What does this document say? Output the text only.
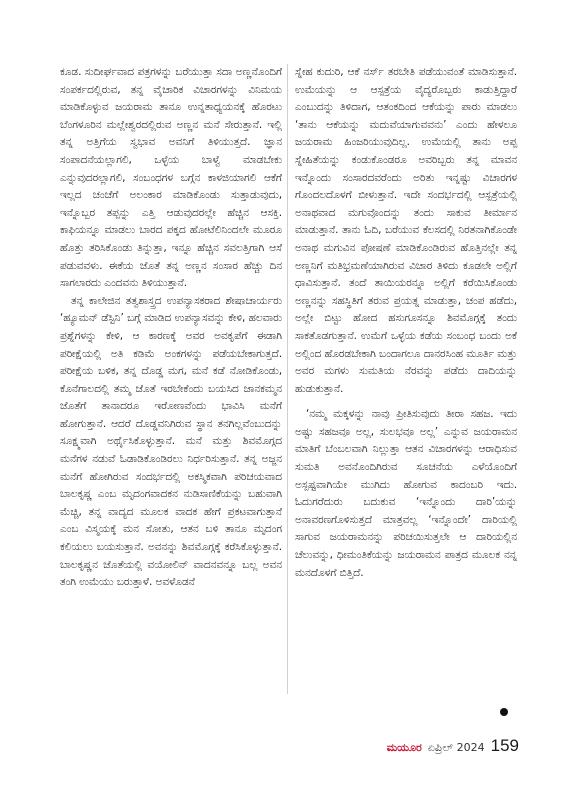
ಕೂಡ. ಸುದೀರ್ಘವಾದ ಪತ್ರಗಳನ್ನು ಬರೆಯುತ್ತಾ ಸದಾ ಅಣ್ಣನೊಂದಿಗೆ ಸಂಪರ್ಕದಲ್ಲಿರುವ, ತನ್ನ ವೈಚಾರಿಕ ವಿಚಾರಗಳನ್ನು ವಿನಿಮಯ ಮಾಡಿಕೊಳ್ಳುವ ಜಯರಾಮ ತಾನೂ ಉನ್ನತಾಧ್ಯಯನಕ್ಕೆ ಹೊರಟು ಬೆಂಗಳೂರಿನ ಮಲ್ಲೇಶ್ವರದಲ್ಲಿರುವ ಅಣ್ಣನ ಮನೆ ಸೇರುತ್ತಾನೆ. ಇಲ್ಲಿ ತನ್ನ ಅತ್ತಿಗೆಯ ಸ್ವಭಾವ ಅವನಿಗೆ ತಿಳಿಯುತ್ತದೆ. ಜ್ಞಾನ ಸಂಪಾದನೆಯಲ್ಲಾಗಲಿ, ಒಳ್ಳೆಯ ಬಾಳ್ವೆ ಮಾಡಬೇಕು ಎನ್ನುವುದರಲ್ಲಾಗಲಿ, ಸಂಬಂಧಗಳ ಬಗ್ಗೆನ ಕಾಳಜಿಯಾಗಲಿ ಆಕೆಗೆ ಇಲ್ಲದ ಚಂಚೆಗೆ ಅಲಂಕಾರ ಮಾಡಿಕೊಂಡು ಸುತ್ತಾಡುವುದು, ಇನ್ನೊಬ್ಬರ ತಪ್ಪನ್ನು ಎತ್ತಿ ಆಡುವುದರಲ್ಲೇ ಹೆಚ್ಚಿನ ಆಸಕ್ತಿ. ಕಾಫಿಯನ್ನೂ ಮಾಡಲು ಬಾರದ ಪಕ್ಕದ ಹೋಟೆಲಿನಿಂದಲೇ ಮೂರೂ ಹೊತ್ತು ತರಿಸಿಕೊಂಡು ತಿನ್ನುತ್ತಾ, ಇನ್ನೂ ಹೆಚ್ಚಿನ ಸವಲತ್ತಿಗಾಗಿ ಆಸೆ ಪಡುವವಳು. ಈಕೆಯ ಜೊತೆ ತನ್ನ ಅಣ್ಣನ ಸಂಸಾರ ಹೆಚ್ಚು ದಿನ ಸಾಗಲಾರದು ಎಂದವನು ತಿಳಿಯುತ್ತಾನೆ.

ತನ್ನ ಕಾಲೇಜಿನ ತತ್ವಶಾಸ್ತ್ರದ ಉಪನ್ಯಾಸಕರಾದ ಶೇಷಾಚಾರ್ಯರು ‘ಹ್ಯೂಮನ್ ಡೆಸ್ಟಿನಿ’ ಬಗ್ಗೆ ಮಾಡಿದ ಉಪನ್ಯಾಸವನ್ನು ಕೇಳಿ, ಹಲವಾರು ಪ್ರಶ್ನೆಗಳನ್ನು ಕೇಳಿ, ಆ ಕಾರಣಕ್ಕೆ ಅವರ ಅವಕೃಪೆಗೆ ಈಡಾಗಿ ಪರೀಕ್ಷೆಯಲ್ಲಿ ಅತಿ ಕಡಿಮೆ ಅಂಕಗಳನ್ನು ಪಡೆಯಬೇಕಾಗುತ್ತದೆ. ಪರೀಕ್ಷೆಯ ಬಳಿಕ, ತನ್ನ ದೊಡ್ಡ ಮಗ, ಮನೆ ಕಡೆ ನೋಡಿಕೊಂಡು, ಕೊನೆಗಾಲದಲ್ಲಿ ತಮ್ಮ ಜೊತೆ ಇರಬೇಕೆಂದು ಬಯಸಿದ ಜಾನಕಮ್ಮನ ಜೊತೆಗೆ ತಾನಾದರೂ ಇರೋಣವೆಂದು ಭಾವಿಸಿ ಮನೆಗೆ ಹೋಗುತ್ತಾನೆ. ಆದರೆ ದೊಡ್ಡವನಿಗಿರುವ ಸ್ಥಾನ ತನಗಿಲ್ಲವೆಂಬುದನ್ನು ಸೂಕ್ಷ್ಮವಾಗಿ ಅರ್ಥೈಸಿಕೊಳ್ಳುತ್ತಾನೆ. ಮನೆ ಮತ್ತು ಶಿವಮೊಗ್ಗದ ಮನೆಗಳ ನಡುವೆ ಓಡಾಡಿಕೊಂಡಿರಲು ನಿರ್ಧರಿಸುತ್ತಾನೆ. ತನ್ನ ಅಜ್ಜನ ಮನೆಗೆ ಹೋಗಿರುವ ಸಂದರ್ಭದಲ್ಲಿ ಅಕಸ್ಮಿಕವಾಗಿ ಪರಿಚಯವಾದ ಬಾಲಕೃಷ್ಣ ಎಂಬ ಮೃದಂಗವಾದಕನ ನುಡಿಸಾಣಿಕೆಯನ್ನು ಬಹುವಾಗಿ ಮೆಚ್ಚಿ, ತನ್ನ ವಾದ್ಯದ ಮೂಲಕ ವಾದಕ ಹೇಗೆ ಪ್ರಕಟವಾಗುತ್ತಾನೆ ಎಂಬ ವಿಸ್ಮಯಕ್ಕೆ ಮನ ಸೋತು, ಆತನ ಬಳಿ ತಾನೂ ಮೃದಂಗ ಕಲಿಯಲು ಬಯಸುತ್ತಾನೆ. ಅವನನ್ನು ಶಿವಮೊಗ್ಗಕ್ಕೆ ಕರೆಸಿಕೊಳ್ಳುತ್ತಾನೆ. ಬಾಲಕೃಷ್ಣನ ಜೊತೆಯಲ್ಲಿ ವಯೋಲಿನ್ ವಾದನವನ್ನೂ ಬಲ್ಲ ಅವನ ತಂಗಿ ಉಮೆಯು ಬರುತ್ತಾಳೆ. ಅವಳೊಡನೆ

ಸ್ನೇಹ ಕುದುರಿ, ಆಕೆ ನರ್ಸ್ ತರಬೇತಿ ಪಡೆಯುವಂತೆ ಮಾಡಿಸುತ್ತಾನೆ. ಉಮೆಯನ್ನು ಆ ಆಸ್ಪತ್ರೆಯ ವೈದ್ಯರೊಬ್ಬರು ಕಾಡುತ್ತಿದ್ದಾರೆ ಎಂಬುದನ್ನು ತಿಳಿದಾಗ, ಆತಂಕದಿಂದ ಆಕೆಯನ್ನು ಪಾರು ಮಾಡಲು ‘ತಾನು ಆಕೆಯನ್ನು ಮದುವೆಯಾಗುವವನು’ ಎಂದು ಹೇಳಲೂ ಜಯರಾಮ ಹಿಂಜರಿಯುವುದಿಲ್ಲ. ಉಮೆಯಲ್ಲಿ ತಾನು ಅಪ್ಪ ಸ್ನೇಹಿತೆಯನ್ನು ಕಂಡುಕೊಂಡರೂ ಅವರಿಬ್ಬರು ತನ್ನ ಮಾವನ ಇನ್ನೊಂದು ಸಂಸಾರದವರೆಂದು ಅರಿತು ಇನ್ನಷ್ಟು ವಿಚಾರಗಳ ಗೊಂದಲದೊಳಗೆ ಬೀಳುತ್ತಾನೆ. ಇದೇ ಸಂದರ್ಭದಲ್ಲಿ ಆಸ್ಪತ್ರೆಯಲ್ಲಿ ಅನಾಥವಾದ ಮಗುವೊಂದನ್ನು ತಂದು ಸಾಕುವ ತೀರ್ಮಾನ ಮಾಡುತ್ತಾನೆ. ತಾನು ಓದಿ, ಬರೆಯುವ ಕೆಲಸದಲ್ಲಿ ನಿರತನಾಗಿಕೊಂಡೇ ಅನಾಥ ಮಗುವಿನ ಪೋಷಣೆ ಮಾಡಿಕೊಂಡಿರುವ ಹೊತ್ತಿನಲ್ಲೇ ತನ್ನ ಅಣ್ಣನಿಗೆ ಮತಿಭ್ರಮಣೆಯಾಗಿರುವ ವಿಚಾರ ತಿಳಿದು ಕೂಡಲೇ ಅಲ್ಲಿಗೆ ಧಾವಿಸುತ್ತಾನೆ. ತಂದೆ ತಾಯಿಯರನ್ನೂ ಅಲ್ಲಿಗೆ ಕರೆಯಿಸಿಕೊಂಡು ಅಣ್ಣನನ್ನು ಸಹಸ್ಥಿತಿಗೆ ತರುವ ಪ್ರಯತ್ನ ಮಾಡುತ್ತಾ, ಚಂಪ ಹಡೆದು, ಅಲ್ಲೇ ಬಿಟ್ಟು ಹೋದ ಹಸುಗೂಸನ್ನೂ ಶಿವಮೊಗ್ಗಕ್ಕೆ ತಂದು ಸಾಕತೊಡಗುತ್ತಾನೆ. ಉಮೆಗೆ ಒಳ್ಳೆಯ ಕಡೆಯ ಸಂಬಂಧ ಬಂದು ಅಕೆ ಅಲ್ಲಿಂದ ಹೊರಡಬೇಕಾಗಿ ಬಂದಾಗಲೂ ದಾನರಸಿಂಹ ಮೂರ್ತಿ ಮತ್ತು ಅವರ ಮಗಳು ಸುಮತಿಯ ನೆರವನ್ನು ಪಡೆದು ದಾದಿಯನ್ನು ಹುಡುಕುತ್ತಾನೆ.

‘ನಮ್ಮ ಮಕ್ಕಳನ್ನು ನಾವು ಪ್ರೀತಿಸುವುದು ತೀರಾ ಸಹಜ. ಇದು ಅಷ್ಟು ಸಹಜವೂ ಅಲ್ಲ, ಸುಲಭವೂ ಅಲ್ಲ’ ಎನ್ನುವ ಜಯರಾಮನ ಮಾತಿಗೆ ಬೆಂಬಲವಾಗಿ ನಿಲ್ಲುತ್ತಾ ಆತನ ವಿಚಾರಗಳನ್ನು ಆರಾಧಿಸುವ ಸುಮತಿ ಅವನೊಂದಿಗಿರುವ ಸೂಚನೆಯ ಎಳೆಯೊಂದಿಗೆ ಅಸ್ಪಷ್ಟವಾಗಿಯೇ ಮುಗಿದು ಹೋಗುವ ಕಾದಂಬರಿ ಇದು. ಓದುಗರೆದುರು ಬದುಕುವ ‘ಇನ್ನೊಂದು ದಾರಿ’ಯನ್ನು ಅನಾವರಣಗೊಳಿಸುತ್ತದೆ ಮಾತ್ರವಲ್ಲ ‘ಇನ್ನೊಂದೇ’ ದಾರಿಯಲ್ಲಿ ಸಾಗುವ ಜಯರಾಮನನ್ನು ಪರಿಚಯಿಸುತ್ತಲೇ ಆ ದಾರಿಯಲ್ಲಿನ ಚೆಲುವನ್ನು, ಧೀಮಂತಿಕೆಯನ್ನು ಜಯರಾಮನ ಪಾತ್ರದ ಮೂಲಕ ನನ್ನ ಮನದೊಳಗೆ ಬಿತ್ತಿದೆ.

ಮಯೂರ ಏಪ್ರಿಲ್ 2024 159
